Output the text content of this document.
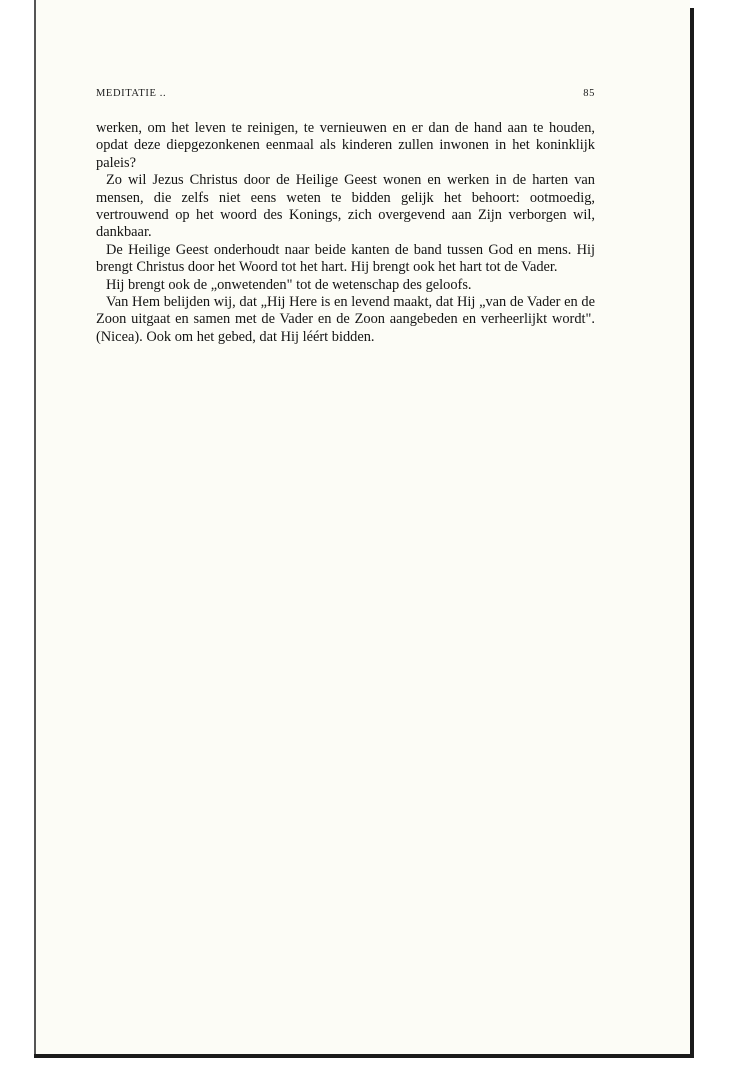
MEDITATIE ..	85

werken, om het leven te reinigen, te vernieuwen en er dan de hand aan te houden, opdat deze diepgezonkenen eenmaal als kinderen zullen inwonen in het koninklijk paleis?

Zo wil Jezus Christus door de Heilige Geest wonen en werken in de harten van mensen, die zelfs niet eens weten te bidden gelijk het behoort: ootmoedig, vertrouwend op het woord des Konings, zich overgevend aan Zijn verborgen wil, dankbaar.

De Heilige Geest onderhoudt naar beide kanten de band tussen God en mens. Hij brengt Christus door het Woord tot het hart. Hij brengt ook het hart tot de Vader.

Hij brengt ook de „onwetenden" tot de wetenschap des geloofs.

Van Hem belijden wij, dat „Hij Here is en levend maakt, dat Hij „van de Vader en de Zoon uitgaat en samen met de Vader en de Zoon aangebeden en verheerlijkt wordt". (Nicea). Ook om het gebed, dat Hij léért bidden.
